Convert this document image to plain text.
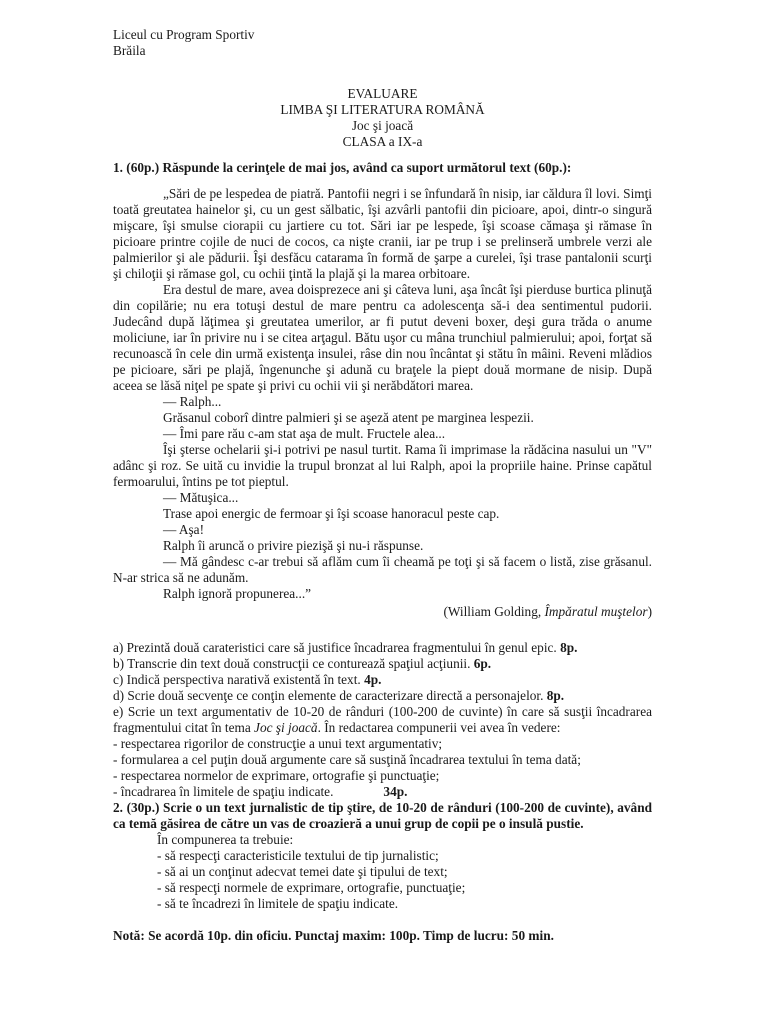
Liceul cu Program Sportiv
Brăila
EVALUARE
LIMBA ŞI LITERATURA ROMÂNĂ
Joc şi joacă
CLASA a IX-a
1. (60p.) Răspunde la cerinţele de mai jos, având ca suport următorul text (60p.):

„Sări de pe lespedea de piatră. Pantofii negri i se înfundară în nisip, iar căldura îl lovi. Simţi toată greutatea hainelor şi, cu un gest sălbatic, îşi azvârli pantofii din picioare, apoi, dintr-o singură mişcare, îşi smulse ciorapii cu jartiere cu tot. Sări iar pe lespede, îşi scoase cămaşa şi rămase în picioare printre cojile de nuci de cocos, ca nişte cranii, iar pe trup i se prelinseră umbrele verzi ale palmierilor şi ale pădurii. Îşi desfăcu catarama în formă de şarpe a curelei, îşi trase pantalonii scurţi şi chiloţii şi rămase gol, cu ochii ţintă la plajă şi la marea orbitoare.

Era destul de mare, avea doisprezece ani şi câteva luni, aşa încât îşi pierduse burtica plinuţă din copilărie; nu era totuşi destul de mare pentru ca adolescenţa să-i dea sentimentul pudorii. Judecând după lăţimea şi greutatea umerilor, ar fi putut deveni boxer, deşi gura trăda o anume moliciune, iar în privire nu i se citea arţagul. Bătu uşor cu mâna trunchiul palmierului; apoi, forţat să recunoască în cele din urmă existenţa insulei, râse din nou încântat şi stătu în mâini. Reveni mlădios pe picioare, sări pe plajă, îngenunche şi adună cu braţele la piept două mormane de nisip. După aceea se lăsă niţel pe spate şi privi cu ochii vii şi nerăbdători marea.

— Ralph...
Grăsanul coborî dintre palmieri şi se aşeză atent pe marginea lespezii.
— Îmi pare rău c-am stat aşa de mult. Fructele alea...

Îşi şterse ochelarii şi-i potrivi pe nasul turtit. Rama îi imprimase la rădăcina nasului un "V" adânc şi roz. Se uită cu invidie la trupul bronzat al lui Ralph, apoi la propriile haine. Prinse capătul fermoarului, întins pe tot pieptul.

— Mătuşica...
Trase apoi energic de fermoar şi îşi scoase hanoracul peste cap.
— Aşa!
Ralph îi aruncă o privire piezişă şi nu-i răspunse.

— Mă gândesc c-ar trebui să aflăm cum îi cheamă pe toţi şi să facem o listă, zise grăsanul. N-ar strica să ne adunăm.

Ralph ignoră propunerea...”
(William Golding, Împăratul muştelor)
a) Prezintă două carateristici care să justifice încadrarea fragmentului în genul epic. 8p.
b) Transcrie din text două construcţii ce conturează spaţiul acţiunii. 6p.
c) Indică perspectiva narativă existentă în text. 4p.
d) Scrie două secvenţe ce conţin elemente de caracterizare directă a personajelor. 8p.
e) Scrie un text argumentativ de 10-20 de rânduri (100-200 de cuvinte) în care să susţii încadrarea fragmentului citat în tema Joc şi joacă. În redactarea compunerii vei avea în vedere:
- respectarea rigorilor de construcţie a unui text argumentativ;
- formularea a cel puţin două argumente care să susţină încadrarea textului în tema dată;
- respectarea normelor de exprimare, ortografie şi punctuaţie;
- încadrarea în limitele de spaţiu indicate.	34p.
2. (30p.) Scrie o un text jurnalistic de tip ştire, de 10-20 de rânduri (100-200 de cuvinte), având ca temă găsirea de către un vas de croazieră a unui grup de copii pe o insulă pustie.
În compunerea ta trebuie:
- să respecţi caracteristicile textului de tip jurnalistic;
- să ai un conţinut adecvat temei date şi tipului de text;
- să respecţi normele de exprimare, ortografie, punctuaţie;
- să te încadrezi în limitele de spaţiu indicate.
Notă: Se acordă 10p. din oficiu. Punctaj maxim: 100p. Timp de lucru: 50 min.
